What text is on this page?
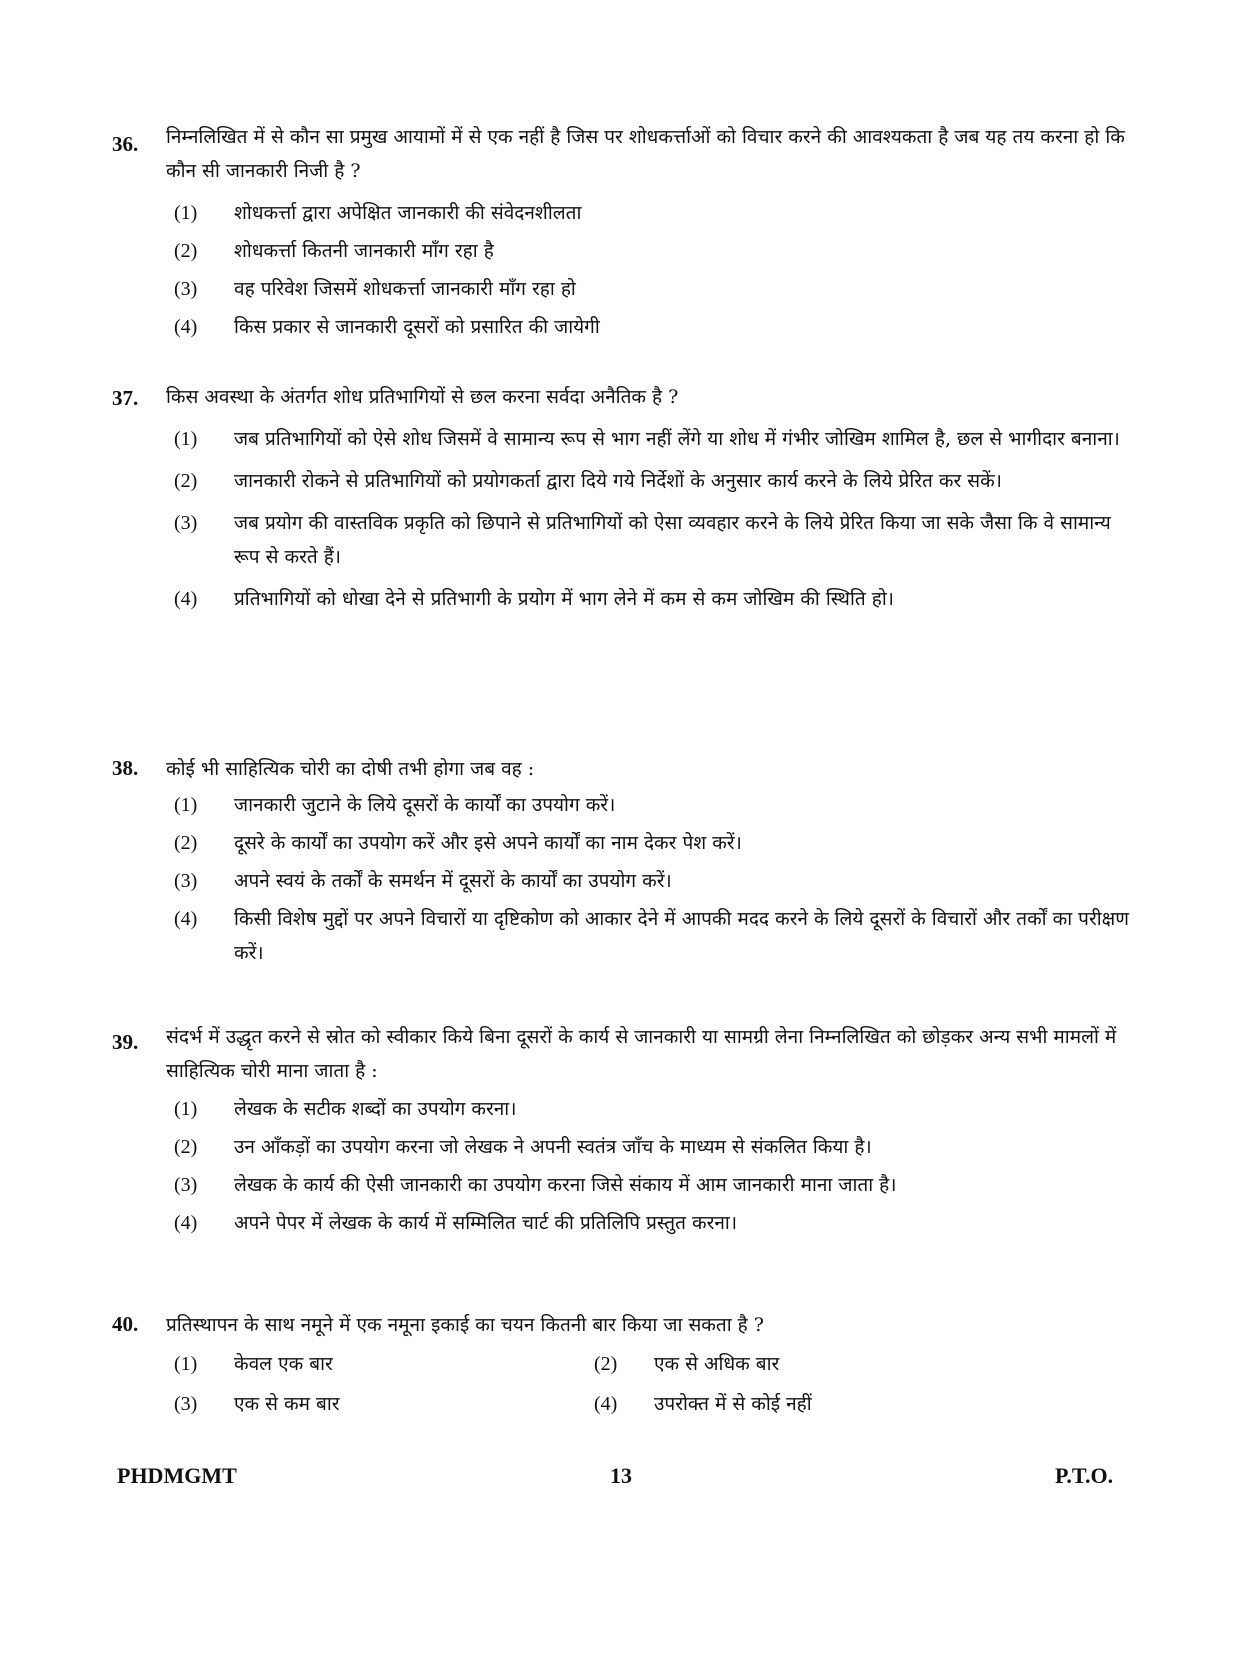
36.	निम्नलिखित में से कौन सा प्रमुख आयामों में से एक नहीं है जिस पर शोधकर्त्ताओं को विचार करने की आवश्यकता है जब यह तय करना हो कि कौन सी जानकारी निजी है ?
(1)	शोधकर्त्ता द्वारा अपेक्षित जानकारी की संवेदनशीलता
(2)	शोधकर्त्ता कितनी जानकारी माँग रहा है
(3)	वह परिवेश जिसमें शोधकर्त्ता जानकारी माँग रहा हो
(4)	किस प्रकार से जानकारी दूसरों को प्रसारित की जायेगी
37.	किस अवस्था के अंतर्गत शोध प्रतिभागियों से छल करना सर्वदा अनैतिक है ?
(1)	जब प्रतिभागियों को ऐसे शोध जिसमें वे सामान्य रूप से भाग नहीं लेंगे या शोध में गंभीर जोखिम शामिल है, छल से भागीदार बनाना।
(2)	जानकारी रोकने से प्रतिभागियों को प्रयोगकर्ता द्वारा दिये गये निर्देशों के अनुसार कार्य करने के लिये प्रेरित कर सकें।
(3)	जब प्रयोग की वास्तविक प्रकृति को छिपाने से प्रतिभागियों को ऐसा व्यवहार करने के लिये प्रेरित किया जा सके जैसा कि वे सामान्य रूप से करते हैं।
(4)	प्रतिभागियों को धोखा देने से प्रतिभागी के प्रयोग में भाग लेने में कम से कम जोखिम की स्थिति हो।
38.	कोई भी साहित्यिक चोरी का दोषी तभी होगा जब वह :
(1)	जानकारी जुटाने के लिये दूसरों के कार्यों का उपयोग करें।
(2)	दूसरे के कार्यों का उपयोग करें और इसे अपने कार्यों का नाम देकर पेश करें।
(3)	अपने स्वयं के तर्कों के समर्थन में दूसरों के कार्यों का उपयोग करें।
(4)	किसी विशेष मुद्दों पर अपने विचारों या दृष्टिकोण को आकार देने में आपकी मदद करने के लिये दूसरों के विचारों और तर्कों का परीक्षण करें।
39.	संदर्भ में उद्धृत करने से स्रोत को स्वीकार किये बिना दूसरों के कार्य से जानकारी या सामग्री लेना निम्नलिखित को छोड़कर अन्य सभी मामलों में साहित्यिक चोरी माना जाता है :
(1)	लेखक के सटीक शब्दों का उपयोग करना।
(2)	उन आँकड़ों का उपयोग करना जो लेखक ने अपनी स्वतंत्र जाँच के माध्यम से संकलित किया है।
(3)	लेखक के कार्य की ऐसी जानकारी का उपयोग करना जिसे संकाय में आम जानकारी माना जाता है।
(4)	अपने पेपर में लेखक के कार्य में सम्मिलित चार्ट की प्रतिलिपि प्रस्तुत करना।
40.	प्रतिस्थापन के साथ नमूने में एक नमूना इकाई का चयन कितनी बार किया जा सकता है ?
(1)	केवल एक बार	(2)	एक से अधिक बार
(3)	एक से कम बार	(4)	उपरोक्त में से कोई नहीं
PHDMGMT	13	P.T.O.
